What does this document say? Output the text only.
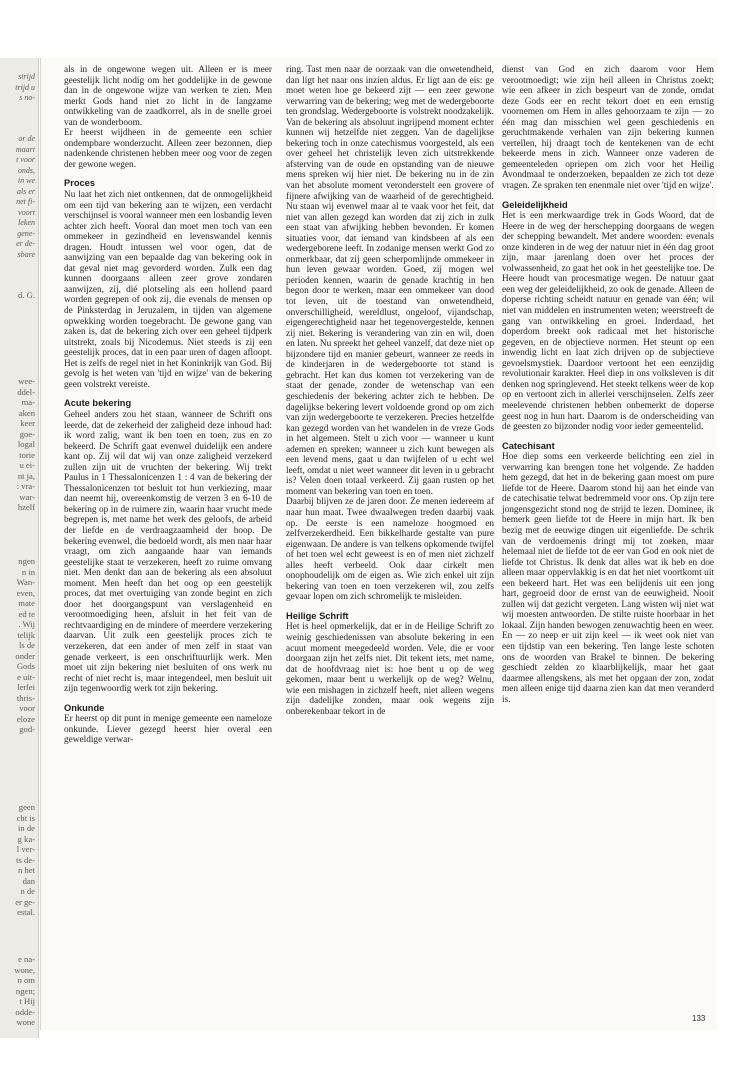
strijd
trijd u
s no-
or de
maart
t voor
onds,
in we
als er
net fi-
voort
leken
gene-
er de-
sbare
d. G.
wee-
ddel-
ma-
aken
keer
goe-
logal
torie
u ei-
nt ja,
: vra-
war-
hzelf
ngen
n in
Wan-
even,
mate
ed te
. Wij
telijk
ls de
onder
Gods
e uit-
lerlei
thris-
voor
eloze
god-
geen
cht is
in de
g ka-
l ver-
ts de-
n het
dan
n de
er ge-
estal.
e na-
wone,
n om
ngen;
t Hij
odde-
wone

als in de ongewone wegen uit. Alleen er is meer geestelijk licht nodig om het goddelijke in de gewone dan in de ongewone wijze van werken te zien. Men merkt Gods hand niet zo licht in de langzame ontwikkeling van de zaadkorrel, als in de snelle groei van de wonderboom.

Er heerst wijdheen in de gemeente een schier ondempbare wonderzucht. Alleen zeer bezonnen, diep nadenkende christenen hebben meer oog voor de zegen der gewone wegen.

Proces

Nu laat het zich niet ontkennen, dat de onmogelijkheid om een tijd van bekering aan te wijzen, een verdacht verschijnsel is vooral wanneer men een losbandig leven achter zich heeft. Vooral dan moet men toch van een ommekeer in gezindheid en levenswandel kennis dragen. Houdt intussen wel voor ogen, dat de aanwijzing van een bepaalde dag van bekering ook in dat geval niet mag gevorderd worden. Zulk een dag kunnen doorgaans alleen zeer grove zondaren aanwijzen, zij, dié plotseling als een hollend paard worden gegrepen of ook zij, die evenals de mensen op de Pinksterdag in Jeruzalem, in tijden van algemene opwekking worden toegebracht. De gewone gang van zaken is, dat de bekering zich over een geheel tijdperk uitstrekt, zoals bij Nicodemus. Niet steeds is zij een geestelijk proces, dat in een paar uren of dagen afloopt. Het is zelfs de regel niet in het Koninkrijk van God. Bij gevolg is het weten van 'tijd en wijze' van de bekering geen volstrekt vereiste.

Acute bekering

Geheel anders zou het staan, wanneer de Schrift ons leerde, dat de zekerheid der zaligheid deze inhoud had: ik word zalig, want ik ben toen en toen, zus en zo bekeerd. De Schrift gaat evenwel duidelijk een andere kant op. Zij wil dat wij van onze zaligheid verzekerd zullen zijn uit de vruchten der bekering. Wij trekt Paulus in 1 Thessalonicenzen 1 : 4 van de bekering der Thessalonicenzen tot besluit tot hun verkiezing, maar dan neemt hij, overeenkomstig de verzen 3 en 6-10 de bekering op in de ruimere zin, waarin haar vrucht mede begrepen is, met name het werk des geloofs, de arbeid der liefde en de verdraagzaamheid der hoop. De bekering evenwel, die bedoeld wordt, als men naar haar vraagt, om zich aangaande haar van iemands geestelijke staat te verzekeren, heeft zo ruime omvang niet. Men denkt dan aan de bekering als een absoluut moment. Men heeft dan het oog op een geestelijk proces, dat met overtuiging van zonde begint en zich door het doorgangspunt van verslagenheid en verootmoediging heen, afsluit in het feit van de rechtvaardiging en de mindere of meerdere verzekering daarvan. Uit zulk een geestelijk proces zich te verzekeren, dat een ander of men zelf in staat van genade verkeert, is een onschriftuurlijk werk. Men moet uit zijn bekering niet besluiten of ons werk nu recht of niet recht is, maar integendeel, men besluit uit zijn tegenwoordig werk tot zijn bekering.

Onkunde

Er heerst op dit punt in menige gemeente een nameloze onkunde. Liever gezegd heerst hier overal een geweldige verwar-

ring. Tast men naar de oorzaak van die onwetendheid, dan ligt het naar ons inzien aldus. Er ligt aan de eis: ge moet weten hoe ge bekeerd zijt — een zeer gewone verwarring van de bekering; weg met de wedergeboorte ten grondslag. Wedergeboorte is volstrekt noodzakelijk. Van de bekering als absoluut ingrijpend moment echter kunnen wij hetzelfde niet zeggen. Van de dagelijkse bekering toch in onze catechismus voorgesteld, als een over geheel het christelijk leven zich uitstrekkende afsterving van de oude en opstanding van de nieuwe mens spreken wij hier niet. De bekering nu in de zin van het absolute moment veronderstelt een grovere of fijnere afwijking van de waarheid of de gerechtigheid. Nu staan wij evenwel maar al te vaak voor het feit, dat niet van allen gezegd kan worden dat zij zich in zulk een staat van afwijking hebben bevonden. Er komen situaties voor, dat iemand van kindsbeen af als een wedergeborene leeft. In zodanige mensen werkt God zo onmerkbaar, dat zij geen scherpomlijnde ommekeer in hun leven gewaar worden. Goed, zij mogen wel perioden kennen, waarin de genade krachtig in hen begon door te werken, maar een ommekeer van dood tot leven, uit de toestand van onwetendheid, onverschilligheid, wereldlust, ongeloof, vijandschap, eigengerechtigheid naar het tegenovergestelde, kennen zij niet. Bekering is verandering van zin en wil, doen en laten. Nu spreekt het geheel vanzelf, dat deze niet op bijzondere tijd en manier gebeurt, wanneer ze reeds in de kinderjaren in de wedergeboorte tot stand is gebracht. Het kan dus komen tot verzekering van de staat der genade, zonder de wetenschap van een geschiedenis der bekering achter zich te hebben. De dagelijkse bekering levert voldoende grond op om zich van zijn wedergeboorte te verzekeren. Precies hetzelfde kan gezegd worden van het wandelen in de vreze Gods in het algemeen. Stelt u zich voor — wanneer u kunt ademen en spreken; wanneer u zich kunt bewegen als een levend mens, gaat u dan twijfelen of u echt wel leeft, omdat u niet weet wanneer dit leven in u gebracht is? Velen doen totaal verkeerd. Zij gaan rusten op het moment van bekering van toen en toen.

Daarbij blijven ze de jaren door. Ze menen iedereem af naar hun maat. Twee dwaalwegen treden daarbij vaak op. De eerste is een nameloze hoogmoed en zelfverzekerdheid. Een bikkelharde gestalte van pure eigenwaan. De andere is van telkens opkomende twijfel of het toen wel echt geweest is en of men niet zichzelf alles heeft verbeeld. Ook daar cirkelt men onophoudelijk om de eigen as. Wie zich enkel uit zijn bekering van toen en toen verzekeren wil, zou zelfs gevaar lopen om zich schromelijk te misleiden.

Heilige Schrift

Het is heel opmerkelijk, dat er in de Heilige Schrift zo weinig geschiedenissen van absolute bekering in een acuut moment meegedeeld worden. Vele, die er voor doorgaan zijn het zelfs niet. Dit tekent iets, met name, dat de hoofdvraag niet is: hoe bent u op de weg gekomen, maar bent u werkelijk op de weg? Welnu, wie een mishagen in zichzelf heeft, niet alleen wegens zijn dadelijke zonden, maar ook wegens zijn onberekenbaar tekort in de

dienst van God en zich daarom voor Hem verootmoedigt; wie zijn heil alleen in Christus zoekt; wie een afkeer in zich bespeurt van de zonde, omdat deze Gods eer en recht tekort doet en een ernstig voornemen om Hem in alles gehoorzaam te zijn — zo één mag dan misschien wel geen geschiedenis en geruchtmakende verhalen van zijn bekering kunnen vertellen, hij draagt toch de kentekenen van de echt bekeerde mens in zich. Wanneer onze vaderen de gemeenteleden opriepen om zich voor het Heilig Avondmaal te onderzoeken, bepaalden ze zich tot deze vragen. Ze spraken ten enenmale niet over 'tijd en wijze'.

Geleidelijkheid

Het is een merkwaardige trek in Gods Woord, dat de Heere in de weg der herschepping doorgaans de wegen der schepping bewandelt. Met andere woorden: evenals onze kinderen in de weg der natuur niet in één dag groot zijn, maar jarenlang doen over het proces der volwassenheid, zo gaat het ook in het geestelijke toe. De Heere houdt van procesmatige wegen. De natuur gaat een weg der geleidelijkheid, zo ook de genade. Alleen de doperse richting scheidt natuur en genade van één; wil niet van middelen en instrumenten weten; weerstreeft de gang van ontwikkeling en groei. Inderdaad, het doperdom breekt ook radicaal met het historische gegeven, en de objectieve normen. Het steunt op een inwendig licht en laat zich drijven op de subjectieve gevoelsmystiek. Daardoor vertoont het een eenzijdig revolutionair karakter. Heel diep in ons volksleven is dit denken nog springlevend. Het steekt telkens weer de kop op en vertoont zich in allerlei verschijnselen. Zelfs zeer meelevende christenen hebben onbemerkt de doperse geest nog in hun hart. Daarom is de onderscheiding van de geesten zo bijzonder nodig voor ieder gemeentelid.

Catechisant

Hoe diep soms een verkeerde belichting een ziel in verwarring kan brengen tone het volgende. Ze hadden hem gezegd, dat het in de bekering gaan moest om pure liefde tot de Heere. Daarom stond hij aan het einde van de catechisatie telwat bedremmeld voor ons. Op zijn tere jongensgezicht stond nog de strijd te lezen. Dominee, ik bemerk geen liefde tot de Heere in mijn hart. Ik ben bezig met de eeuwige dingen uit eigenliefde. De schrik van de verdoemenis dringt mij tot zoeken, maar helemaal niet de liefde tot de eer van God en ook niet de liefde tot Christus. Ik denk dat alles wat ik heb en doe alleen maar oppervlakkig is en dat het niet voortkomt uit een bekeerd hart. Het was een belijdenis uit een jong hart, gegroeid door de ernst van de eeuwigheid. Nooit zullen wij dat gezicht vergeten. Lang wisten wij niet wat wij moesten antwoorden. De stilte ruiste hoorbaar in het lokaal. Zijn handen bewogen zenuwachtig heen en weer. En — zo neep er uit zijn keel — ik weet ook niet van een tijdstip van een bekering. Ten lange leste schoten ons de woorden van Brakel te binnen. De bekering geschiedt zelden zo klaarblijkelijk, maar het gaat daarmee allengskens, als met het opgaan der zon, zodat men alleen enige tijd daarna zien kan dat men veranderd is.

133
